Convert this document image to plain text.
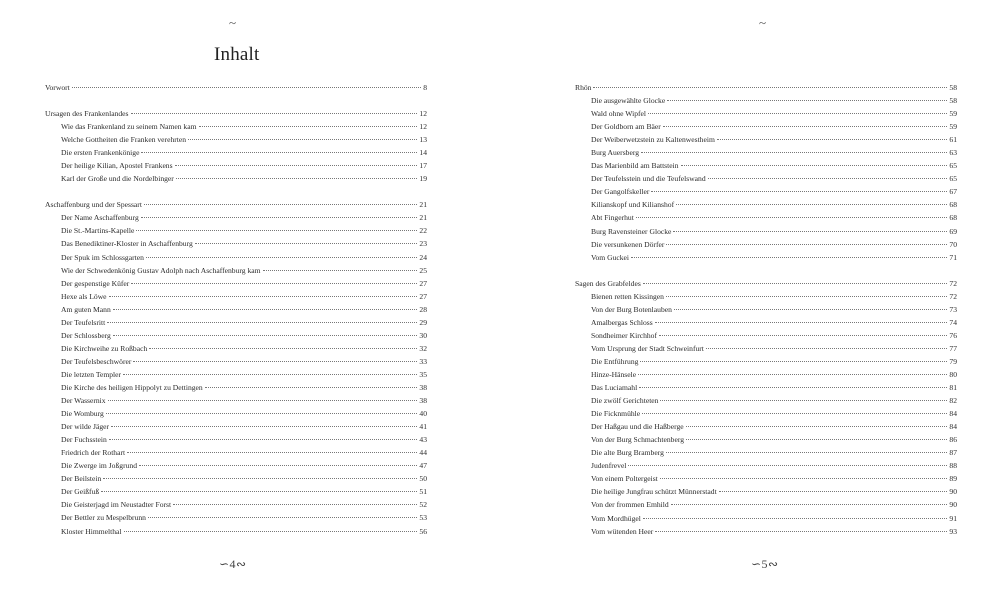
~
Inhalt
Vorwort	8
Ursagen des Frankenlandes	12
Wie das Frankenland zu seinem Namen kam	12
Welche Gottheiten die Franken verehrten	13
Die ersten Frankenkönige	14
Der heilige Kilian, Apostel Frankens	17
Karl der Große und die Nordelbinger	19
Aschaffenburg und der Spessart	21
Der Name Aschaffenburg	21
Die St.-Martins-Kapelle	22
Das Benediktiner-Kloster in Aschaffenburg	23
Der Spuk im Schlossgarten	24
Wie der Schwedenkönig Gustav Adolph nach Aschaffenburg kam	25
Der gespenstige Küfer	27
Hexe als Löwe	27
Am guten Mann	28
Der Teufelsritt	29
Der Schlossberg	30
Die Kirchweihe zu Roßbach	32
Der Teufelsbeschwörer	33
Die letzten Templer	35
Die Kirche des heiligen Hippolyt zu Dettingen	38
Der Wassernix	38
Die Womburg	40
Der wilde Jäger	41
Der Fuchsstein	43
Friedrich der Rothart	44
Die Zwerge im Joßgrund	47
Der Beilstein	50
Der Geißfuß	51
Die Geisterjagd im Neustadter Forst	52
Der Bettler zu Mespelbrunn	53
Kloster Himmelthal	56
∽4∾
~
Rhön	58
Die ausgewählte Glocke	58
Wald ohne Wipfel	59
Der Goldborn am Bäer	59
Der Weiberwetzstein zu Kaltenwestheim	61
Burg Auersberg	63
Das Marienbild am Battstein	65
Der Teufelsstein und die Teufelswand	65
Der Gangolfskeller	67
Kilianskopf und Kilianshof	68
Abt Fingerhut	68
Burg Ravensteiner Glocke	69
Die versunkenen Dörfer	70
Vom Guckei	71
Sagen des Grabfeldes	72
Bienen retten Kissingen	72
Von der Burg Botenlauben	73
Amalbergas Schloss	74
Sondheimer Kirchhof	76
Vom Ursprung der Stadt Schweinfurt	77
Die Entführung	79
Hinze-Hänsele	80
Das Luciamahl	81
Die zwölf Gerichteten	82
Die Ficknmühle	84
Der Haßgau und die Haßberge	84
Von der Burg Schmachtenberg	86
Die alte Burg Bramberg	87
Judenfrevel	88
Von einem Poltergeist	89
Die heilige Jungfrau schützt Münnerstadt	90
Von der frommen Emhild	90
Vom Mordhügel	91
Vom wütenden Heer	93
∽5∾
